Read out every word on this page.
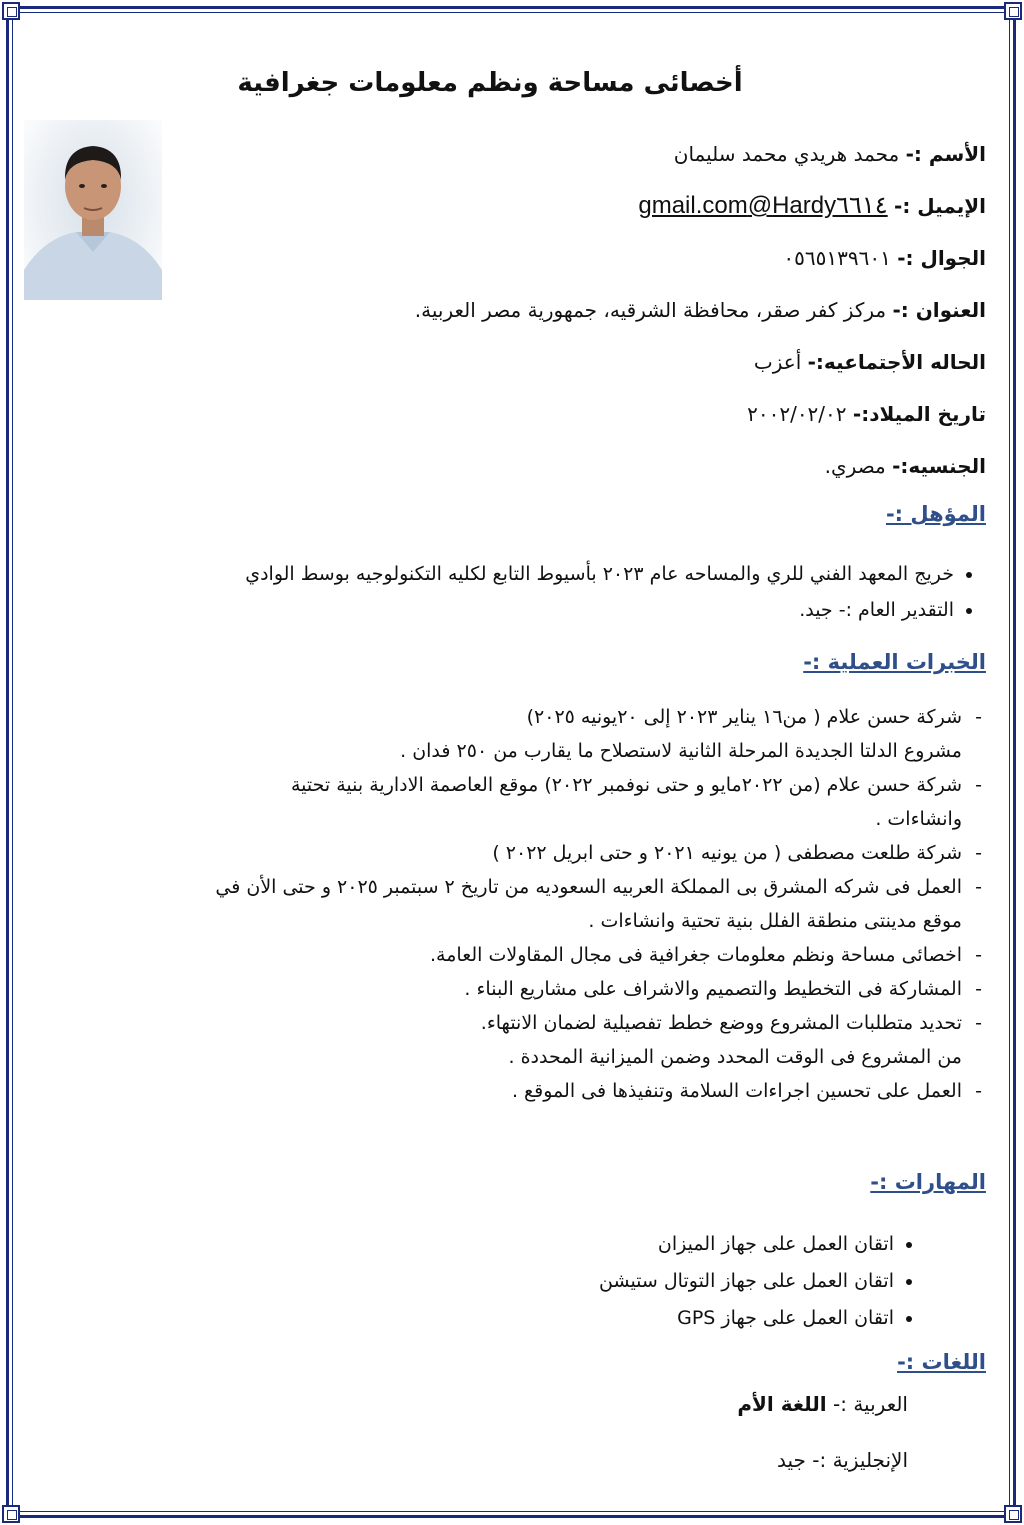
أخصائى مساحة ونظم معلومات جغرافية
الأسم :- محمد هريدي محمد سليمان
الإيميل :- Hardy٦٦١٤@gmail.com
الجوال :- ٠٥٦٥١٣٩٦٠١
العنوان :- مركز كفر صقر، محافظة الشرقيه، جمهورية مصر العربية.
الحاله الأجتماعيه:- أعزب
تاريخ الميلاد:- ٢٠٠٢/٠٢/٠٢
الجنسيه:- مصري.
المؤهل :-
• خريج المعهد الفني للري والمساحه عام ٢٠٢٣ بأسيوط التابع لكليه التكنولوجيه بوسط الوادي
• التقدير العام :- جيد.
الخبرات العملية :-
- شركة حسن علام ( من١٦ يناير ٢٠٢٣ إلى ٢٠يونيه ٢٠٢٥)
مشروع الدلتا الجديدة المرحلة الثانية لاستصلاح ما يقارب من ٢٥٠ فدان .
- شركة حسن علام (من ٢٠٢٢مايو و حتى نوفمبر ٢٠٢٢) موقع العاصمة الادارية بنية تحتية
وانشاءات .
- شركة طلعت مصطفى ( من يونيه ٢٠٢١ و حتى ابريل ٢٠٢٢ )
- العمل فى شركه المشرق بى المملكة العربيه السعوديه من تاريخ ٢ سبتمبر ٢٠٢٥ و حتى الأن في
موقع مدينتى منطقة الفلل بنية تحتية وانشاءات .
- اخصائى مساحة ونظم معلومات جغرافية فى مجال المقاولات العامة.
- المشاركة فى التخطيط والتصميم والاشراف على مشاريع البناء .
- تحديد متطلبات المشروع ووضع خطط تفصيلية لضمان الانتهاء.
من المشروع فى الوقت المحدد وضمن الميزانية المحددة .
- العمل على تحسين اجراءات السلامة وتنفيذها فى الموقع .
المهارات :-
• اتقان العمل على جهاز الميزان
• اتقان العمل على جهاز التوتال ستيشن
• اتقان العمل على جهاز GPS
اللغات :-
العربية :- اللغة الأم
الإنجليزية :- جيد
